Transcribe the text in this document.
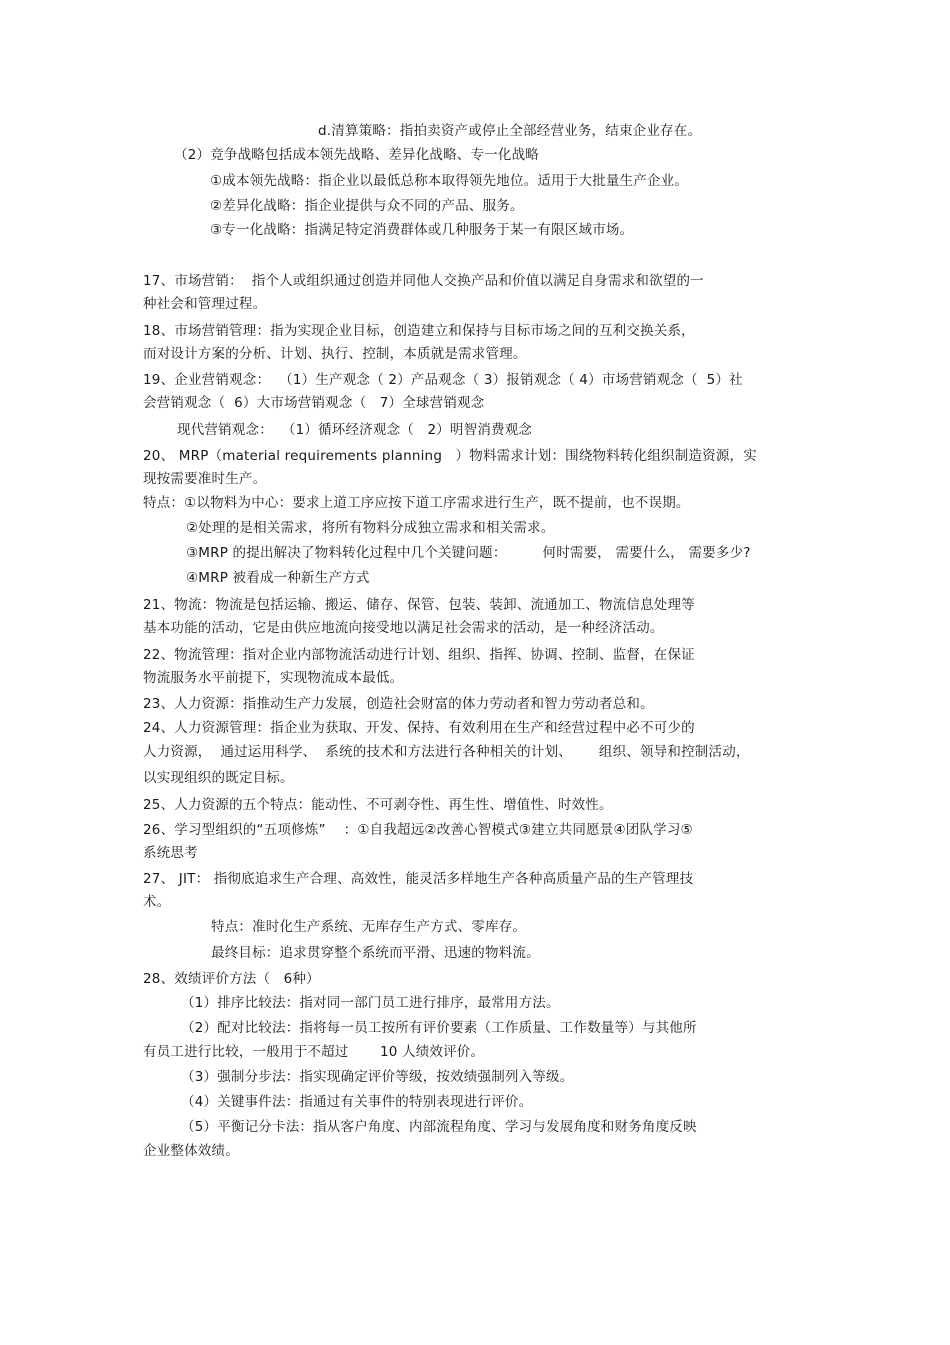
d.清算策略：指拍卖资产或停止全部经营业务，结束企业存在。
（2）竞争战略包括成本领先战略、差异化战略、专一化战略
①成本领先战略：指企业以最低总称本取得领先地位。适用于大批量生产企业。
②差异化战略：指企业提供与众不同的产品、服务。
③专一化战略：指满足特定消费群体或几种服务于某一有限区域市场。
17、市场营销：  指个人或组织通过创造并同他人交换产品和价值以满足自身需求和欲望的一
种社会和管理过程。
18、市场营销管理：指为实现企业目标，创造建立和保持与目标市场之间的互利交换关系，
而对设计方案的分析、计划、执行、控制，本质就是需求管理。
19、企业营销观念：  （1）生产观念（ 2）产品观念（ 3）报销观念（ 4）市场营销观念（  5）社
会营销观念（  6）大市场营销观念（   7）全球营销观念
现代营销观念：  （1）循环经济观念（   2）明智消费观念
20、 MRP（material requirements planning   ）物料需求计划：围绕物料转化组织制造资源，实
现按需要准时生产。
特点：①以物料为中心：要求上道工序应按下道工序需求进行生产，既不提前，也不误期。
②处理的是相关需求，将所有物料分成独立需求和相关需求。
③MRP 的提出解决了物料转化过程中几个关键问题：        何时需要， 需要什么， 需要多少?
④MRP 被看成一种新生产方式
21、物流：物流是包括运输、搬运、储存、保管、包装、装卸、流通加工、物流信息处理等
基本功能的活动，它是由供应地流向接受地以满足社会需求的活动，是一种经济活动。
22、物流管理：指对企业内部物流活动进行计划、组织、指挥、协调、控制、监督，在保证
物流服务水平前提下，实现物流成本最低。
23、人力资源：指推动生产力发展，创造社会财富的体力劳动者和智力劳动者总和。
24、人力资源管理：指企业为获取、开发、保持、有效利用在生产和经营过程中必不可少的
人力资源，  通过运用科学、  系统的技术和方法进行各种相关的计划、      组织、领导和控制活动，
以实现组织的既定目标。
25、人力资源的五个特点：能动性、不可剥夺性、再生性、增值性、时效性。
26、学习型组织的“五项修炼”    ：①自我超远②改善心智模式③建立共同愿景④团队学习⑤
系统思考
27、 JIT： 指彻底追求生产合理、高效性，能灵活多样地生产各种高质量产品的生产管理技
术。
特点：准时化生产系统、无库存生产方式、零库存。
最终目标：追求贯穿整个系统而平滑、迅速的物料流。
28、效绩评价方法（   6种）
（1）排序比较法：指对同一部门员工进行排序，最常用方法。
（2）配对比较法：指将每一员工按所有评价要素（工作质量、工作数量等）与其他所
有员工进行比较，一般用于不超过       10 人绩效评价。
（3）强制分步法：指实现确定评价等级，按效绩强制列入等级。
（4）关键事件法：指通过有关事件的特别表现进行评价。
（5）平衡记分卡法：指从客户角度、内部流程角度、学习与发展角度和财务角度反映
企业整体效绩。
